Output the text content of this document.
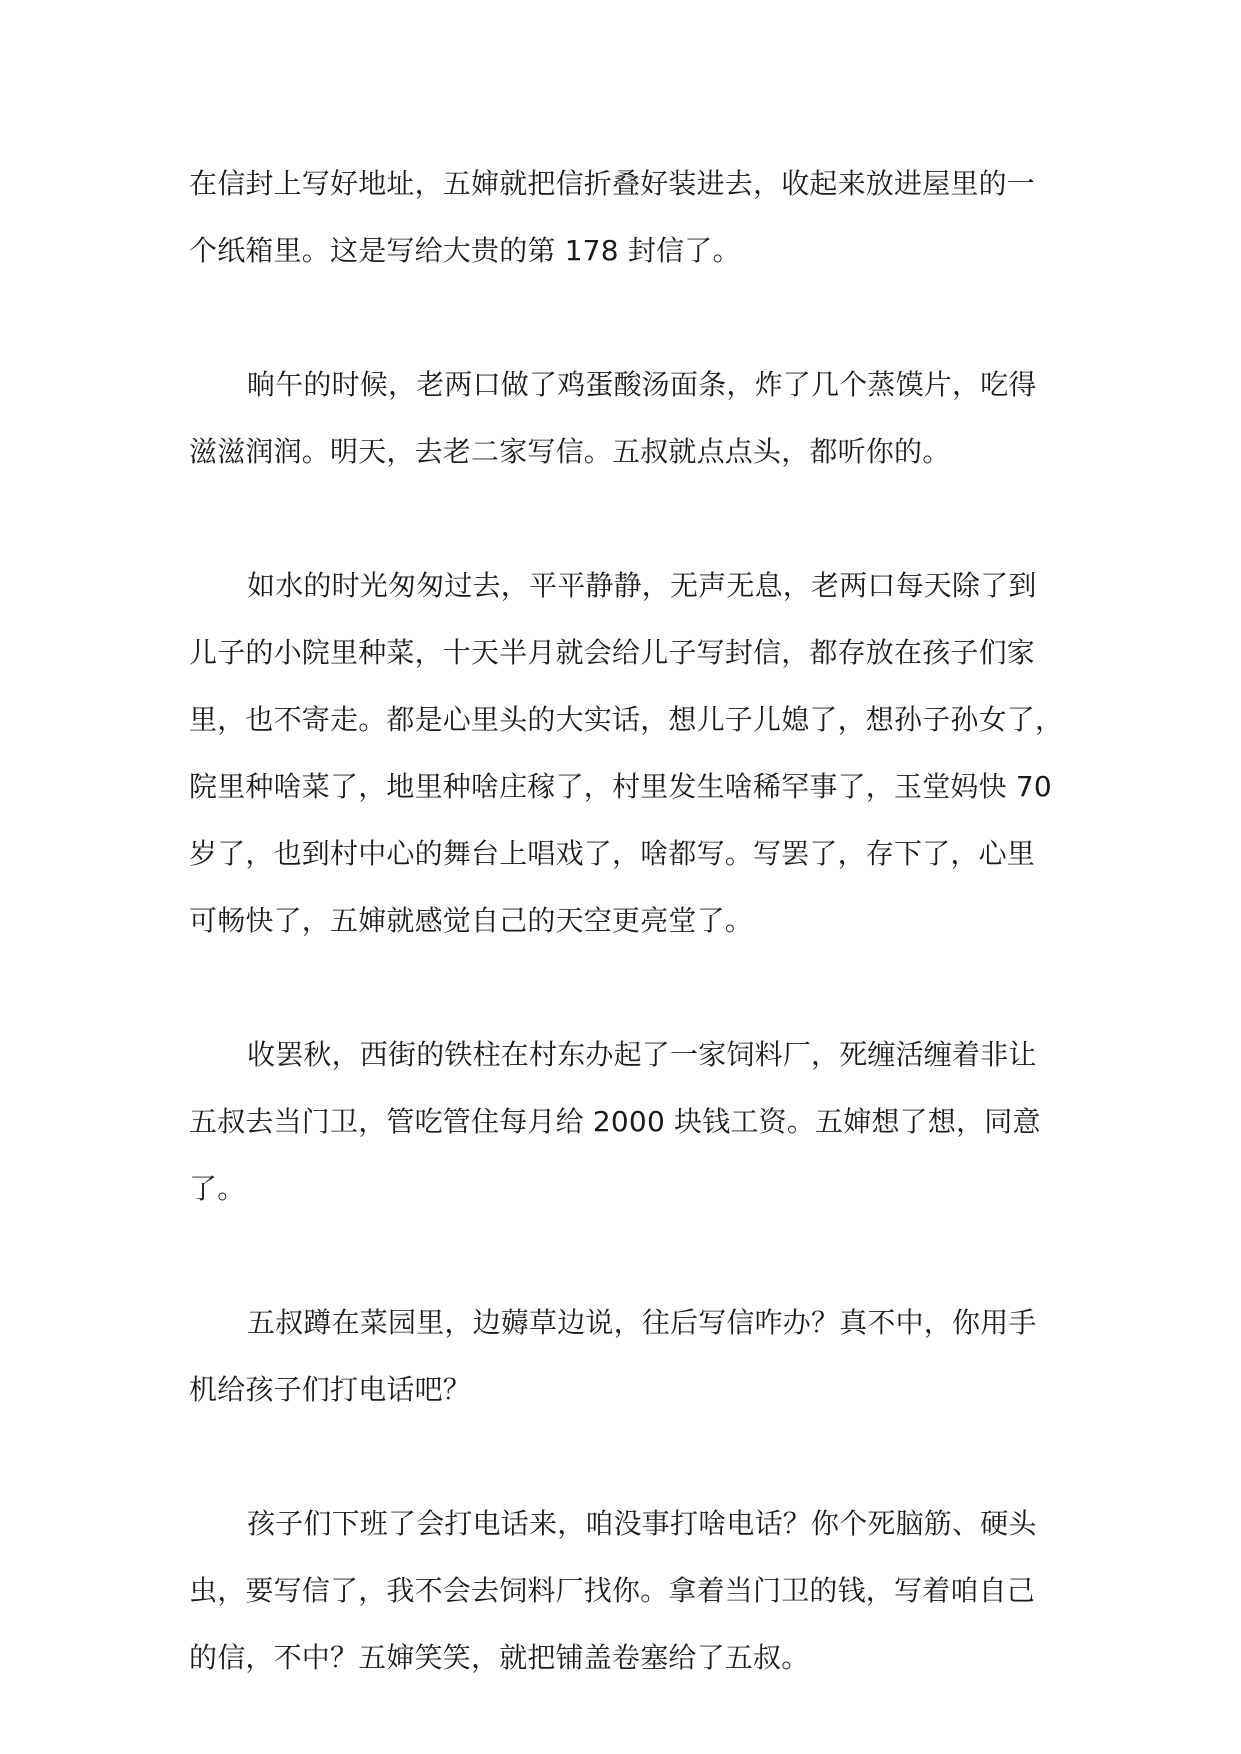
在信封上写好地址，五婶就把信折叠好装进去，收起来放进屋里的一
个纸箱里。这是写给大贵的第 178 封信了。
晌午的时候，老两口做了鸡蛋酸汤面条，炸了几个蒸馍片，吃得
滋滋润润。明天，去老二家写信。五叔就点点头，都听你的。
如水的时光匆匆过去，平平静静，无声无息，老两口每天除了到
儿子的小院里种菜，十天半月就会给儿子写封信，都存放在孩子们家
里，也不寄走。都是心里头的大实话，想儿子儿媳了，想孙子孙女了，
院里种啥菜了，地里种啥庄稼了，村里发生啥稀罕事了，玉堂妈快 70
岁了，也到村中心的舞台上唱戏了，啥都写。写罢了，存下了，心里
可畅快了，五婶就感觉自己的天空更亮堂了。
收罢秋，西街的铁柱在村东办起了一家饲料厂，死缠活缠着非让
五叔去当门卫，管吃管住每月给 2000 块钱工资。五婶想了想，同意
了。
五叔蹲在菜园里，边薅草边说，往后写信咋办？真不中，你用手
机给孩子们打电话吧？
孩子们下班了会打电话来，咱没事打啥电话？你个死脑筋、硬头
虫，要写信了，我不会去饲料厂找你。拿着当门卫的钱，写着咱自己
的信，不中？五婶笑笑，就把铺盖卷塞给了五叔。
